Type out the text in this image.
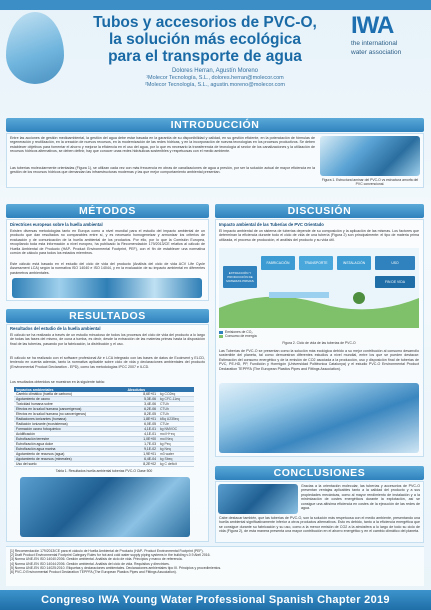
Tubos y accesorios de PVC-O,
la solución más ecológica
para el transporte de agua
IWA
the international
water association
Dolores Herran, Agustín Moreno
¹Molecor Tecnología, S.L., dolores.herran@molecor.com
²Molecor Tecnología, S.L., agustin.moreno@molecor.com
INTRODUCCIÓN
Entre las acciones de gestión medioambiental, la gestión del agua debe estar basada en la garantía de su disponibilidad y calidad, en su gestión eficiente, en la potenciación de fórmulas de regeneración y reutilización, en la creación de nuevos recursos, en la modernización de las redes hídricas, y en la incorporación de nuevas tecnologías en los procesos productivos. Se deben establecer objetivos para fomentar el ahorro y mejorar la eficiencia en el uso del agua, por lo que es necesario la transferencia de tecnología al sector de los canalizaciones y la utilización de recursos hídricos alternativos, se deben definir, hay que conocer unas redes hidráulicas sostenibles y respetuosas con el medio ambiente.
Las tuberías molecularmente orientadas (Figura 1), se utilizan cada vez con más frecuencia en obras de canalizaciones de agua a presión, por ser la solución actual de mayor eficiencia en la gestión de los recursos hídricos que demandan las infraestructuras modernas y las que mejor comportamiento ambiental presentan.
Figura 1. Estructura laminar del PVC-O vs estructura amorfa del PVC convencional.
MÉTODOS
Directrices europeas sobre la huella ambiental
Existen diversas metodologías tanto en Europa como a nivel mundial para el estudio del impacto ambiental de un producto que dan resultados no comparables entre sí, y es necesario homogeneizar y armonizar los criterios de evaluación y de comunicación de la huella ambiental de los productos. Por ello, por lo que la Comisión Europea, recopilando toda esta información a nivel europeo, ha publicado la Recomendación 179/2013/CE relativa al cálculo de Huella Ambiental de Producto (HAP- Product Environmental Footprint, PEF), con el fin de establecer una normativa común de cálculo para todos los estados miembros.
Este cálculo está basado en el estudio del ciclo de vida del producto (Análisis del ciclo de vida ACV Life Cycle Assessment LCA) según la normativa ISO 14040 e ISO 14044, y en la evaluación de su impacto ambiental en diferentes parámetros ambientales.
RESULTADOS
Resultados del estudio de la huella ambiental
El cálculo se ha realizado a través de un estudio minucioso de todos los procesos del ciclo de vida del producto a lo largo de todas las fases del mismo, de cuna a tumba, es decir, desde la extracción de las materias primas hasta la disposición final de las tuberías, pasando por la fabricación, la distribución y el uso.
El cálculo se ha realizado con el software profesional Air e LCA integrado con las bases de datos de Ecoinvent y ELCD, teniendo en cuenta además, tanto la normativa aplicable sobre ciclo de vida y declaraciones ambientales del producto (Environmental Product Declaration - EPD), como las metodologías IPCC 2007 e ILCD.
Los resultados obtenidos se muestran en la siguiente tabla:
Impactos ambientales	Absolutos	
Cambio climático (huella de carbono)	8,6E+01	kg CO2eq
Agotamiento de ozono	5,3E-06	kg CFC-11eq
Toxicidad humana sobre	3,4E-06	CTUh
Efectos en la salud humana (cancerígenos)	6,2E-06	CTUh
Efectos en la salud humana (no cancerígenos)	8,2E-05	CTUh
Radiaciones ionizantes (humana)	1,8E+01	kBq U235eq
Radiación ionizante (ecosistemas)	6,0E-05	CTUe
Formación ozono fotoquímico	4,1E-01	kg NMVOC
Acidificación	4,1E-01	mol H+eq
Eutrofización terrestre	1,0E+00	mol Neq
Eutrofización agua dulce	1,7E-03	kg Peq
Eutrofización agua marina	9,1E-02	kg Neq
Agotamiento de recursos (agua)	1,9E+01	m3 water
Agotamiento de recursos (minerales)	6,4E-04	kg Sbeq
Uso del suelo	8,2E+02	kg C deficit
Tabla 1. Resultados huella ambiental tuberías PVC-O Clase 500
DISCUSIÓN
Impacto ambiental de las Tuberías de PVC Orientado
El impacto ambiental de un sistema de tuberías depende de su composición y la aplicación de las mismas. Los factores que determinan la eficiencia durante todo el ciclo de vida de una tubería (Figura 2) son principalmente: el tipo de materia prima utilizada, el proceso de producción, el análisis del producto y su vida útil.
EXTRACCIÓN Y
PRODUCCIÓN DE
MATERIAS PRIMAS
FABRICACIÓN	TRANSPORTE	INSTALACIÓN	USO
FIN DE VIDA
Emisiones de CO₂
Consumo de energía
Figura 2. Ciclo de vida de las tuberías de PVC-O
Las Tuberías de PVC-O se presentan como la solución más ecológica debido a su mejor contribución al consumo desarrollo sostenible del planeta, tal como demuestran diferentes estudios a nivel mundial, entre los que se pueden destacar: Estimación del consumo energético y de la emisión de CO2 asociada a la producción, uso y disposición final de tuberías de PVC, PE-HD, PP, Fundición y Hormigón (Universidad Politécnica Catalunya) y el estudio PVC-O Environmental Product Declaration TEPPFA (The European Plastics Pipes and Fittings Association).
CONCLUSIONES
Gracias a la orientación molecular, las tuberías y accesorios de PVC-O presentan ventajas aplicables tanto a la calidad del producto y a sus propiedades mecánicas, como al mayor rendimiento de instalación y a la minimización de costes energéticos durante la explotación, así se consigue una altísima eficiencia en costes de la ejecución de las redes de agua.
Cabe destacar también, que las tuberías de PVC-O, son la solución más respetuosa con el medio ambiente, presentando una huella ambiental significativamente inferior a otros productos alternativos. Esto es debido, tanto a la eficiencia energética que se consigue durante su fabricación y su uso, como a la menor emisión de CO2 a la atmósfera a lo largo de todo su ciclo de vida (Figura 2), de esta manera presenta una mayor contribución en el ahorro energético y en el cambio climático del planeta.
[1] Recomendación 179/2013/CE para el cálculo de Huella Ambiental de Producto (HAP- Product Environmental Footprint (PEF).
[2] Draft Product Environmental Footprint Category Rules for hot and cold water supply piping systems in the building v.0.9 Abril 2016.
[3] Norma UNE-EN ISO 14040:2006. Gestión ambiental. Análisis de ciclo de vida. Principios y marco de referencia.
[4] Norma UNE-EN ISO 14044:2006. Gestión ambiental. Análisis del ciclo de vida. Requisitos y directrices.
[5] Norma UNE-EN ISO 14025:2010. Etiquetas y declaraciones ambientales. Declaraciones ambientales tipo III. Principios y procedimientos.
[6] PVC-O Environmental Product Declaration TEPPFA (The European Plastics Pipes and Fittings Association).
Congreso IWA Young Water Professional Spanish Chapter 2019
